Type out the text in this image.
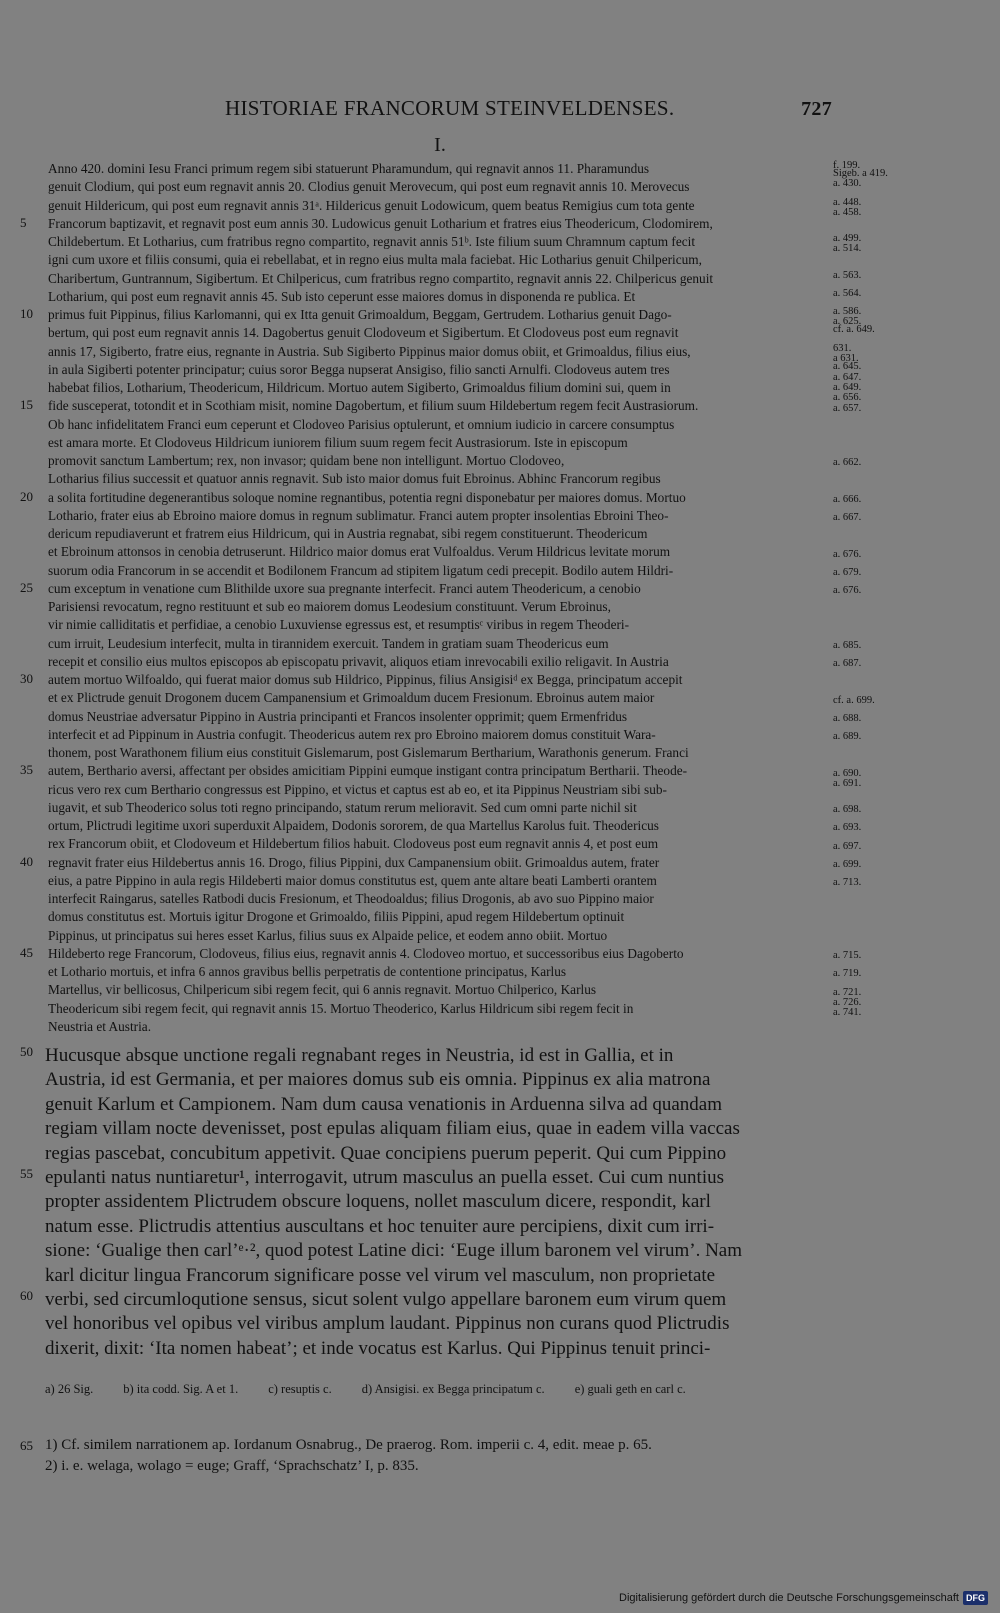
HISTORIAE FRANCORUM STEINVELDENSES.	727
I.
Anno 420. domini Iesu Franci primum regem sibi statuerunt Pharamundum, qui regnavit annos 11. Pharamundus
genuit Clodium, qui post eum regnavit annis 20. Clodius genuit Merovecum, qui post eum regnavit annis 10. Merovecus
genuit Hildericum, qui post eum regnavit annis 31ᵃ. Hildericus genuit Lodowicum, quem beatus Remigius cum tota gente
Francorum baptizavit, et regnavit post eum annis 30. Ludowicus genuit Lotharium et fratres eius Theodericum, Clodomirem,
5
Childebertum. Et Lotharius, cum fratribus regno compartito, regnavit annis 51ᵇ. Iste filium suum Chramnum captum fecit
igni cum uxore et filiis consumi, quia ei rebellabat, et in regno eius multa mala faciebat. Hic Lotharius genuit Chilpericum,
Charibertum, Guntrannum, Sigibertum. Et Chilpericus, cum fratribus regno compartito, regnavit annis 22. Chilpericus genuit
Lotharium, qui post eum regnavit annis 45. Sub isto ceperunt esse maiores domus in disponenda re publica. Et
primus fuit Pippinus, filius Karlomanni, qui ex Itta genuit Grimoaldum, Beggam, Gertrudem. Lotharius genuit Dago-
10
bertum, qui post eum regnavit annis 14. Dagobertus genuit Clodoveum et Sigibertum. Et Clodoveus post eum regnavit
annis 17, Sigiberto, fratre eius, regnante in Austria. Sub Sigiberto Pippinus maior domus obiit, et Grimoaldus, filius eius,
in aula Sigiberti potenter principatur; cuius soror Begga nupserat Ansigiso, filio sancti Arnulfi. Clodoveus autem tres
habebat filios, Lotharium, Theodericum, Hildricum. Mortuo autem Sigiberto, Grimoaldus filium domini sui, quem in
fide susceperat, totondit et in Scothiam misit, nomine Dagobertum, et filium suum Hildebertum regem fecit Austrasiorum.
15
Ob hanc infidelitatem Franci eum ceperunt et Clodoveo Parisius optulerunt, et omnium iudicio in carcere consumptus
est amara morte. Et Clodoveus Hildricum iuniorem filium suum regem fecit Austrasiorum. Iste in episcopum
promovit sanctum Lambertum; rex, non invasor; quidam bene non intelligunt. Mortuo Clodoveo,
Lotharius filius successit et quatuor annis regnavit. Sub isto maior domus fuit Ebroinus. Abhinc Francorum regibus
a solita fortitudine degenerantibus soloque nomine regnantibus, potentia regni disponebatur per maiores domus. Mortuo
20
Lothario, frater eius ab Ebroino maiore domus in regnum sublimatur. Franci autem propter insolentias Ebroini Theo-
dericum repudiaverunt et fratrem eius Hildricum, qui in Austria regnabat, sibi regem constituerunt. Theodericum
et Ebroinum attonsos in cenobia detruserunt. Hildrico maior domus erat Vulfoaldus. Verum Hildricus levitate morum
suorum odia Francorum in se accendit et Bodilonem Francum ad stipitem ligatum cedi precepit. Bodilo autem Hildri-
cum exceptum in venatione cum Blithilde uxore sua pregnante interfecit. Franci autem Theodericum, a cenobio
25
Parisiensi revocatum, regno restituunt et sub eo maiorem domus Leodesium constituunt. Verum Ebroinus,
vir nimie calliditatis et perfidiae, a cenobio Luxuviense egressus est, et resumptisᶜ viribus in regem Theoderi-
cum irruit, Leudesium interfecit, multa in tirannidem exercuit. Tandem in gratiam suam Theodericus eum
recepit et consilio eius multos episcopos ab episcopatu privavit, aliquos etiam inrevocabili exilio religavit. In Austria
autem mortuo Wilfoaldo, qui fuerat maior domus sub Hildrico, Pippinus, filius Ansigisiᵈ ex Begga, principatum accepit
30
et ex Plictrude genuit Drogonem ducem Campanensium et Grimoaldum ducem Fresionum. Ebroinus autem maior
domus Neustriae adversatur Pippino in Austria principanti et Francos insolenter opprimit; quem Ermenfridus
interfecit et ad Pippinum in Austria confugit. Theodericus autem rex pro Ebroino maiorem domus constituit Wara-
thonem, post Warathonem filium eius constituit Gislemarum, post Gislemarum Bertharium, Warathonis generum. Franci
autem, Berthario aversi, affectant per obsides amicitiam Pippini eumque instigant contra principatum Bertharii. Theode-
35
ricus vero rex cum Berthario congressus est Pippino, et victus et captus est ab eo, et ita Pippinus Neustriam sibi sub-
iugavit, et sub Theoderico solus toti regno principando, statum rerum melioravit. Sed cum omni parte nichil sit
ortum, Plictrudi legitime uxori superduxit Alpaidem, Dodonis sororem, de qua Martellus Karolus fuit. Theodericus
rex Francorum obiit, et Clodoveum et Hildebertum filios habuit. Clodoveus post eum regnavit annis 4, et post eum
regnavit frater eius Hildebertus annis 16. Drogo, filius Pippini, dux Campanensium obiit. Grimoaldus autem, frater
40
eius, a patre Pippino in aula regis Hildeberti maior domus constitutus est, quem ante altare beati Lamberti orantem
interfecit Raingarus, satelles Ratbodi ducis Fresionum, et Theodoaldus; filius Drogonis, ab avo suo Pippino maior
domus constitutus est. Mortuis igitur Drogone et Grimoaldo, filiis Pippini, apud regem Hildebertum optinuit
Pippinus, ut principatus sui heres esset Karlus, filius suus ex Alpaide pelice, et eodem anno obiit. Mortuo
Hildeberto rege Francorum, Clodoveus, filius eius, regnavit annis 4. Clodoveo mortuo, et successoribus eius Dagoberto
45
et Lothario mortuis, et infra 6 annos gravibus bellis perpetratis de contentione principatus, Karlus
Martellus, vir bellicosus, Chilpericum sibi regem fecit, qui 6 annis regnavit. Mortuo Chilperico, Karlus
Theodericum sibi regem fecit, qui regnavit annis 15. Mortuo Theoderico, Karlus Hildricum sibi regem fecit in
Neustria et Austria.
f. 199.
Sigeb. a 419.
a. 430.
a. 448.
a. 458.
a. 499.
a. 514.
a. 563.
a. 564.
a. 586.
a. 625.
cf. a. 649.
631.
a 631.
a. 645.
a. 647.
a. 649.
a. 656.
a. 657.
a. 662.
a. 666.
a. 667.
a. 676.
a. 679.
a. 676.
a. 685.
a. 687.
cf. a. 699.
a. 688.
a. 689.
a. 690.
a. 691.
a. 698.
a. 693.
a. 697.
a. 699.
a. 713.
a. 715.
a. 719.
a. 721.
a. 726.
a. 741.
Hucusque absque unctione regali regnabant reges in Neustria, id est in Gallia, et in
50
Austria, id est Germania, et per maiores domus sub eis omnia. Pippinus ex alia matrona
genuit Karlum et Campionem. Nam dum causa venationis in Arduenna silva ad quandam
regiam villam nocte devenisset, post epulas aliquam filiam eius, quae in eadem villa vaccas
regias pascebat, concubitum appetivit. Quae concipiens puerum peperit. Qui cum Pippino
epulanti natus nuntiaretur¹, interrogavit, utrum masculus an puella esset. Cui cum nuntius
55
propter assidentem Plictrudem obscure loquens, nollet masculum dicere, respondit, karl
natum esse. Plictrudis attentius auscultans et hoc tenuiter aure percipiens, dixit cum irri-
sione: ‘Gualige then carl’ᵉ·², quod potest Latine dici: ‘Euge illum baronem vel virum’. Nam
karl dicitur lingua Francorum significare posse vel virum vel masculum, non proprietate
verbi, sed circumloqutione sensus, sicut solent vulgo appellare baronem eum virum quem
60
vel honoribus vel opibus vel viribus amplum laudant. Pippinus non curans quod Plictrudis
dixerit, dixit: ‘Ita nomen habeat’; et inde vocatus est Karlus. Qui Pippinus tenuit princi-
a) 26 Sig. b) ita codd. Sig. A et 1. c) resuptis c. d) Ansigisi. ex Begga principatum c. e) guali geth en carl c.
65 1) Cf. similem narrationem ap. Iordanum Osnabrug., De praerog. Rom. imperii c. 4, edit. meae p. 65.
2) i. e. welaga, wolago = euge; Graff, ‘Sprachschatz’ I, p. 835.
Digitalisierung gefördert durch die Deutsche Forschungsgemeinschaft DFG
